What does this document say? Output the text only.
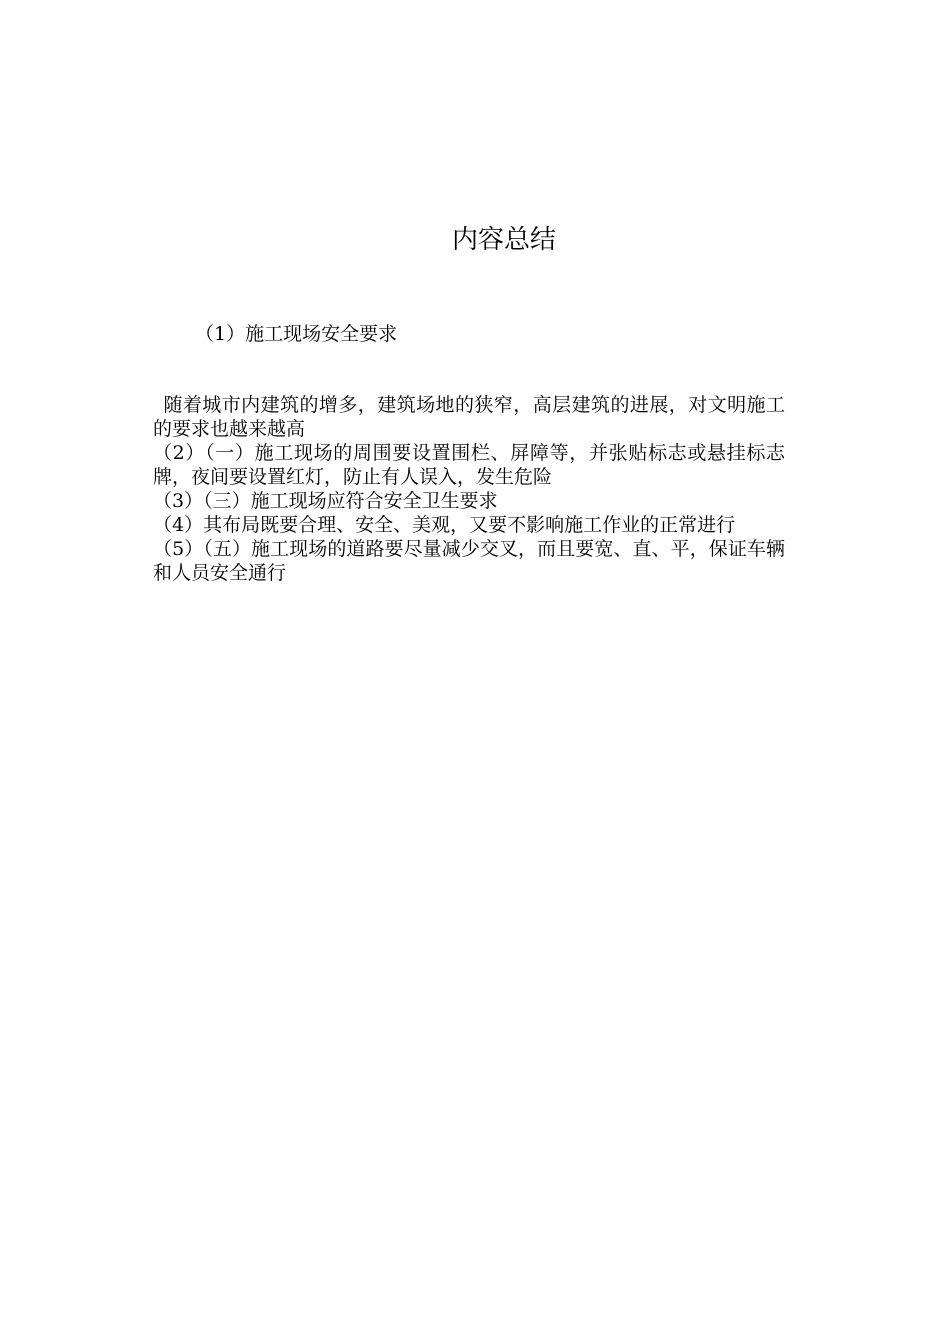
内容总结

（1）施工现场安全要求

随着城市内建筑的增多，建筑场地的狭窄，高层建筑的进展，对文明施工的要求也越来越高

（2）（一）施工现场的周围要设置围栏、屏障等，并张贴标志或悬挂标志牌，夜间要设置红灯，防止有人误入，发生危险

（3）（三）施工现场应符合安全卫生要求

（4）其布局既要合理、安全、美观，又要不影响施工作业的正常进行

（5）（五）施工现场的道路要尽量减少交叉，而且要宽、直、平，保证车辆和人员安全通行
